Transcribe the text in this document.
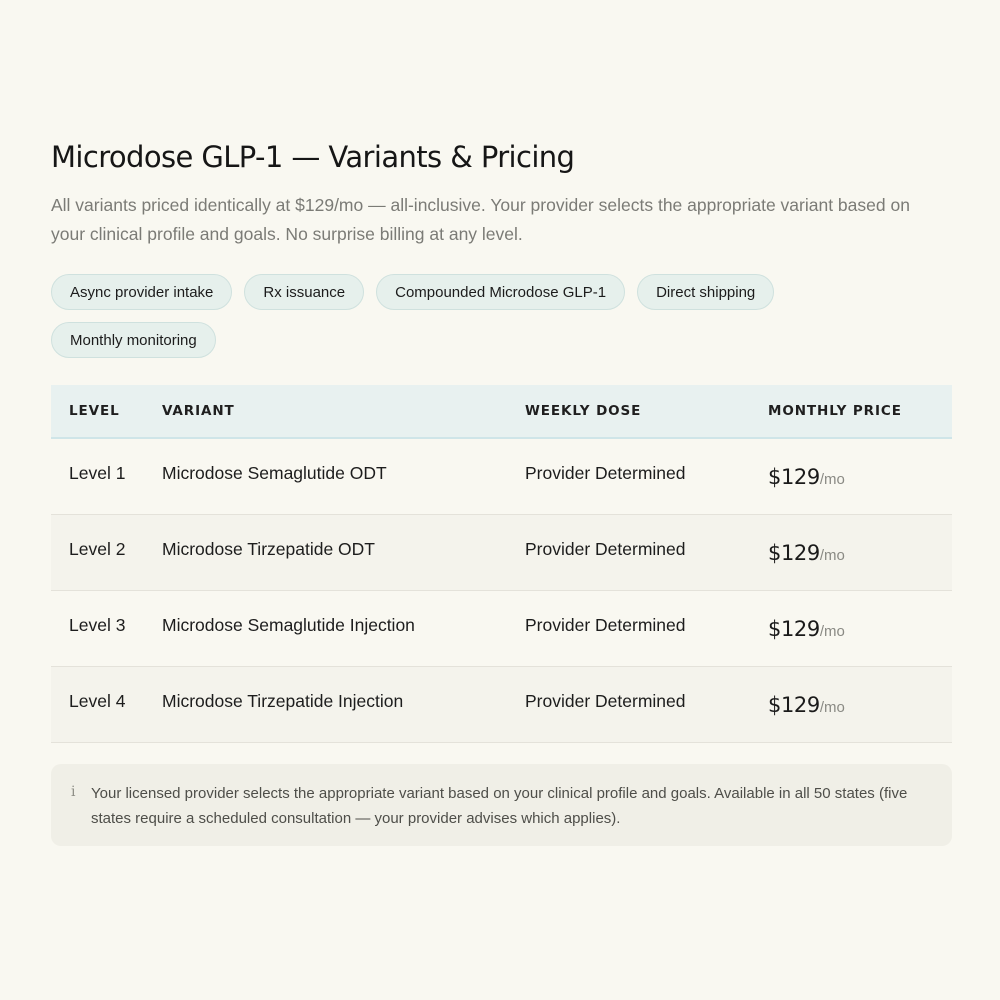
Microdose GLP-1 — Variants & Pricing
All variants priced identically at $129/mo — all-inclusive. Your provider selects the appropriate variant based on your clinical profile and goals. No surprise billing at any level.
Async provider intake	Rx issuance	Compounded Microdose GLP-1	Direct shipping
Monthly monitoring
LEVEL	VARIANT	WEEKLY DOSE	MONTHLY PRICE
Level 1	Microdose Semaglutide ODT	Provider Determined	$129 /mo
Level 2	Microdose Tirzepatide ODT	Provider Determined	$129 /mo
Level 3	Microdose Semaglutide Injection	Provider Determined	$129 /mo
Level 4	Microdose Tirzepatide Injection	Provider Determined	$129 /mo
i	Your licensed provider selects the appropriate variant based on your clinical profile and goals. Available in all 50 states (five states require a scheduled consultation — your provider advises which applies).
